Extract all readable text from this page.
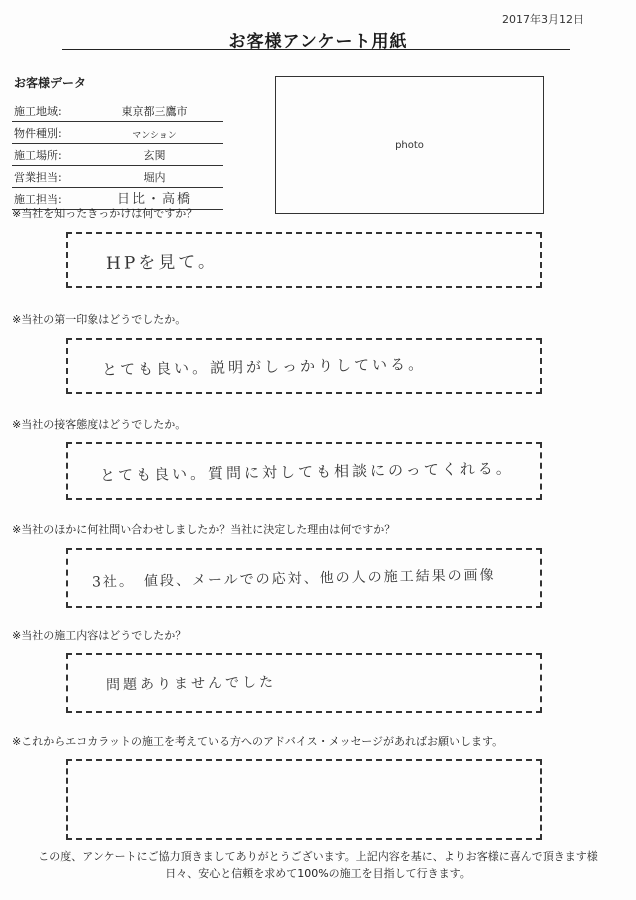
2017年3月12日
お客様アンケート用紙
お客様データ
施工地域:	東京都三鷹市
物件種別:	マンション
施工場所:	玄関
営業担当:	堀内
施工担当:	日比・高橋
photo
※当社を知ったきっかけは何ですか？
HPを見て。
※当社の第一印象はどうでしたか。
とても良い。説明がしっかりしている。
※当社の接客態度はどうでしたか。
とても良い。質問に対しても相談にのってくれる。
※当社のほかに何社問い合わせしましたか？当社に決定した理由は何ですか？
3社。　値段、メールでの応対、他の人の施工結果の画像
※当社の施工内容はどうでしたか？
問題ありませんでした
※これからエコカラットの施工を考えている方へのアドバイス・メッセージがあればお願いします。
この度、アンケートにご協力頂きましてありがとうございます。上記内容を基に、よりお客様に喜んで頂きます様
日々、安心と信頼を求めて100%の施工を目指して行きます。
